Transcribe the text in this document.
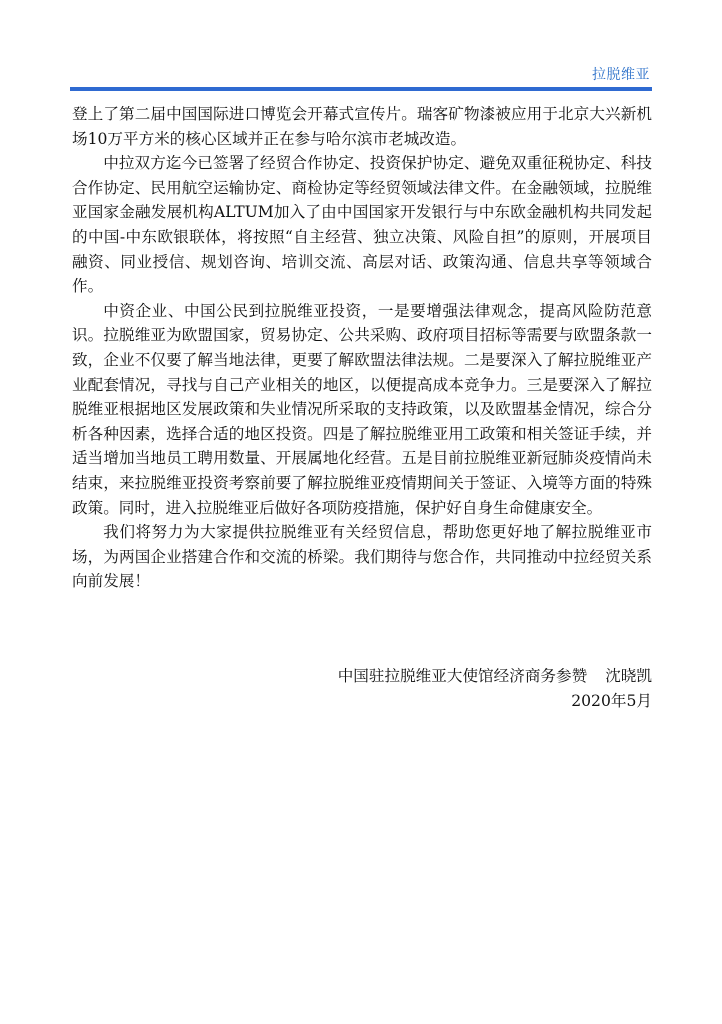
拉脱维亚

登上了第二届中国国际进口博览会开幕式宣传片。瑞客矿物漆被应用于北京大兴新机场10万平方米的核心区域并正在参与哈尔滨市老城改造。

中拉双方迄今已签署了经贸合作协定、投资保护协定、避免双重征税协定、科技合作协定、民用航空运输协定、商检协定等经贸领域法律文件。在金融领域，拉脱维亚国家金融发展机构ALTUM加入了由中国国家开发银行与中东欧金融机构共同发起的中国-中东欧银联体，将按照“自主经营、独立决策、风险自担”的原则，开展项目融资、同业授信、规划咨询、培训交流、高层对话、政策沟通、信息共享等领域合作。

中资企业、中国公民到拉脱维亚投资，一是要增强法律观念，提高风险防范意识。拉脱维亚为欧盟国家，贸易协定、公共采购、政府项目招标等需要与欧盟条款一致，企业不仅要了解当地法律，更要了解欧盟法律法规。二是要深入了解拉脱维亚产业配套情况，寻找与自己产业相关的地区，以便提高成本竞争力。三是要深入了解拉脱维亚根据地区发展政策和失业情况所采取的支持政策，以及欧盟基金情况，综合分析各种因素，选择合适的地区投资。四是了解拉脱维亚用工政策和相关签证手续，并适当增加当地员工聘用数量、开展属地化经营。五是目前拉脱维亚新冠肺炎疫情尚未结束，来拉脱维亚投资考察前要了解拉脱维亚疫情期间关于签证、入境等方面的特殊政策。同时，进入拉脱维亚后做好各项防疫措施，保护好自身生命健康安全。

我们将努力为大家提供拉脱维亚有关经贸信息，帮助您更好地了解拉脱维亚市场，为两国企业搭建合作和交流的桥梁。我们期待与您合作，共同推动中拉经贸关系向前发展！

中国驻拉脱维亚大使馆经济商务参赞 沈晓凯
2020年5月
